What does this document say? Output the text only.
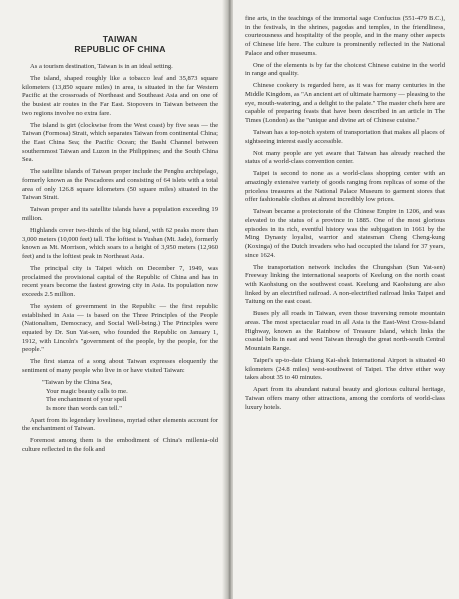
TAIWAN
REPUBLIC OF CHINA

As a tourism destination, Taiwan is in an ideal setting.

The island, shaped roughly like a tobacco leaf and 35,873 square kilometers (13,850 square miles) in area, is situated in the far Western Pacific at the crossroads of Northeast and Southeast Asia and on one of the busiest air routes in the Far East. Stopovers in Taiwan between the two regions involve no extra fare.

The island is girt (clockwise from the West coast) by five seas — the Taiwan (Formosa) Strait, which separates Taiwan from continental China; the East China Sea; the Pacific Ocean; the Bashi Channel between southernmost Taiwan and Luzon in the Philippines; and the South China Sea.

The satellite islands of Taiwan proper include the Penghu archipelago, formerly known as the Pescadores and consisting of 64 islets with a total area of only 126.8 square kilometers (50 square miles) situated in the Taiwan Strait.

Taiwan proper and its satellite islands have a population exceeding 19 million.

Highlands cover two-thirds of the big island, with 62 peaks more than 3,000 meters (10,000 feet) tall. The loftiest is Yushan (Mt. Jade), formerly known as Mt. Morrison, which soars to a height of 3,950 meters (12,960 feet) and is the loftiest peak in Northeast Asia.

The principal city is Taipei which on December 7, 1949, was proclaimed the provisional capital of the Republic of China and has in recent years become the fastest growing city in Asia. Its population now exceeds 2.5 million.

The system of government in the Republic — the first republic established in Asia — is based on the Three Principles of the People (Nationalism, Democracy, and Social Well-being.) The Principles were equated by Dr. Sun Yat-sen, who founded the Republic on January 1, 1912, with Lincoln's "government of the people, by the people, for the people."

The first stanza of a song about Taiwan expresses eloquently the sentiment of many people who live in or have visited Taiwan:

"Taiwan by the China Sea,
Your magic beauty calls to me.
The enchantment of your spell
Is more than words can tell."

Apart from its legendary loveliness, myriad other elements account for the enchantment of Taiwan.

Foremost among them is the embodiment of China's millenia-old culture reflected in the folk and

fine arts, in the teachings of the immortal sage Confucius (551-479 B.C.), in the festivals, in the shrines, pagodas and temples, in the friendliness, courteousness and hospitality of the people, and in the many other aspects of Chinese life here. The culture is prominently reflected in the National Palace and other museums.

One of the elements is by far the choicest Chinese cuisine in the world in range and quality.

Chinese cookery is regarded here, as it was for many centuries in the Middle Kingdom, as "An ancient art of ultimate harmony — pleasing to the eye, mouth-watering, and a delight to the palate." The master chefs here are capable of preparing feasts that have been described in an article in The Times (London) as the "unique and divine art of Chinese cuisine."

Taiwan has a top-notch system of transportation that makes all places of sightseeing interest easily accessible.

Not many people are yet aware that Taiwan has already reached the status of a world-class convention center.

Taipei is second to none as a world-class shopping center with an amazingly extensive variety of goods ranging from replicas of some of the priceless treasures at the National Palace Museum to garment stores that offer fashionable clothes at almost incredibly low prices.

Taiwan became a protectorate of the Chinese Empire in 1206, and was elevated to the status of a province in 1885. One of the most glorious episodes in its rich, eventful history was the subjugation in 1661 by the Ming Dynasty loyalist, warrior and statesman Cheng Cheng-kung (Koxinga) of the Dutch invaders who had occupied the island for 37 years, since 1624.

The transportation network includes the Chungshan (Sun Yat-sen) Freeway linking the international seaports of Keelung on the north coast with Kaohsiung on the southwest coast. Keelung and Kaohsiung are also linked by an electrified railroad. A non-electrified railroad links Taipei and Taitung on the east coast.

Buses ply all roads in Taiwan, even those traversing remote mountain areas. The most spectacular road in all Asia is the East-West Cross-Island Highway, known as the Rainbow of Treasure Island, which links the coastal belts in east and west Taiwan through the great north-south Central Mountain Range.

Taipei's up-to-date Chiang Kai-shek International Airport is situated 40 kilometers (24.8 miles) west-southwest of Taipei. The drive either way takes about 35 to 40 minutes.

Apart from its abundant natural beauty and glorious cultural heritage, Taiwan offers many other attractions, among the comforts of world-class luxury hotels.
